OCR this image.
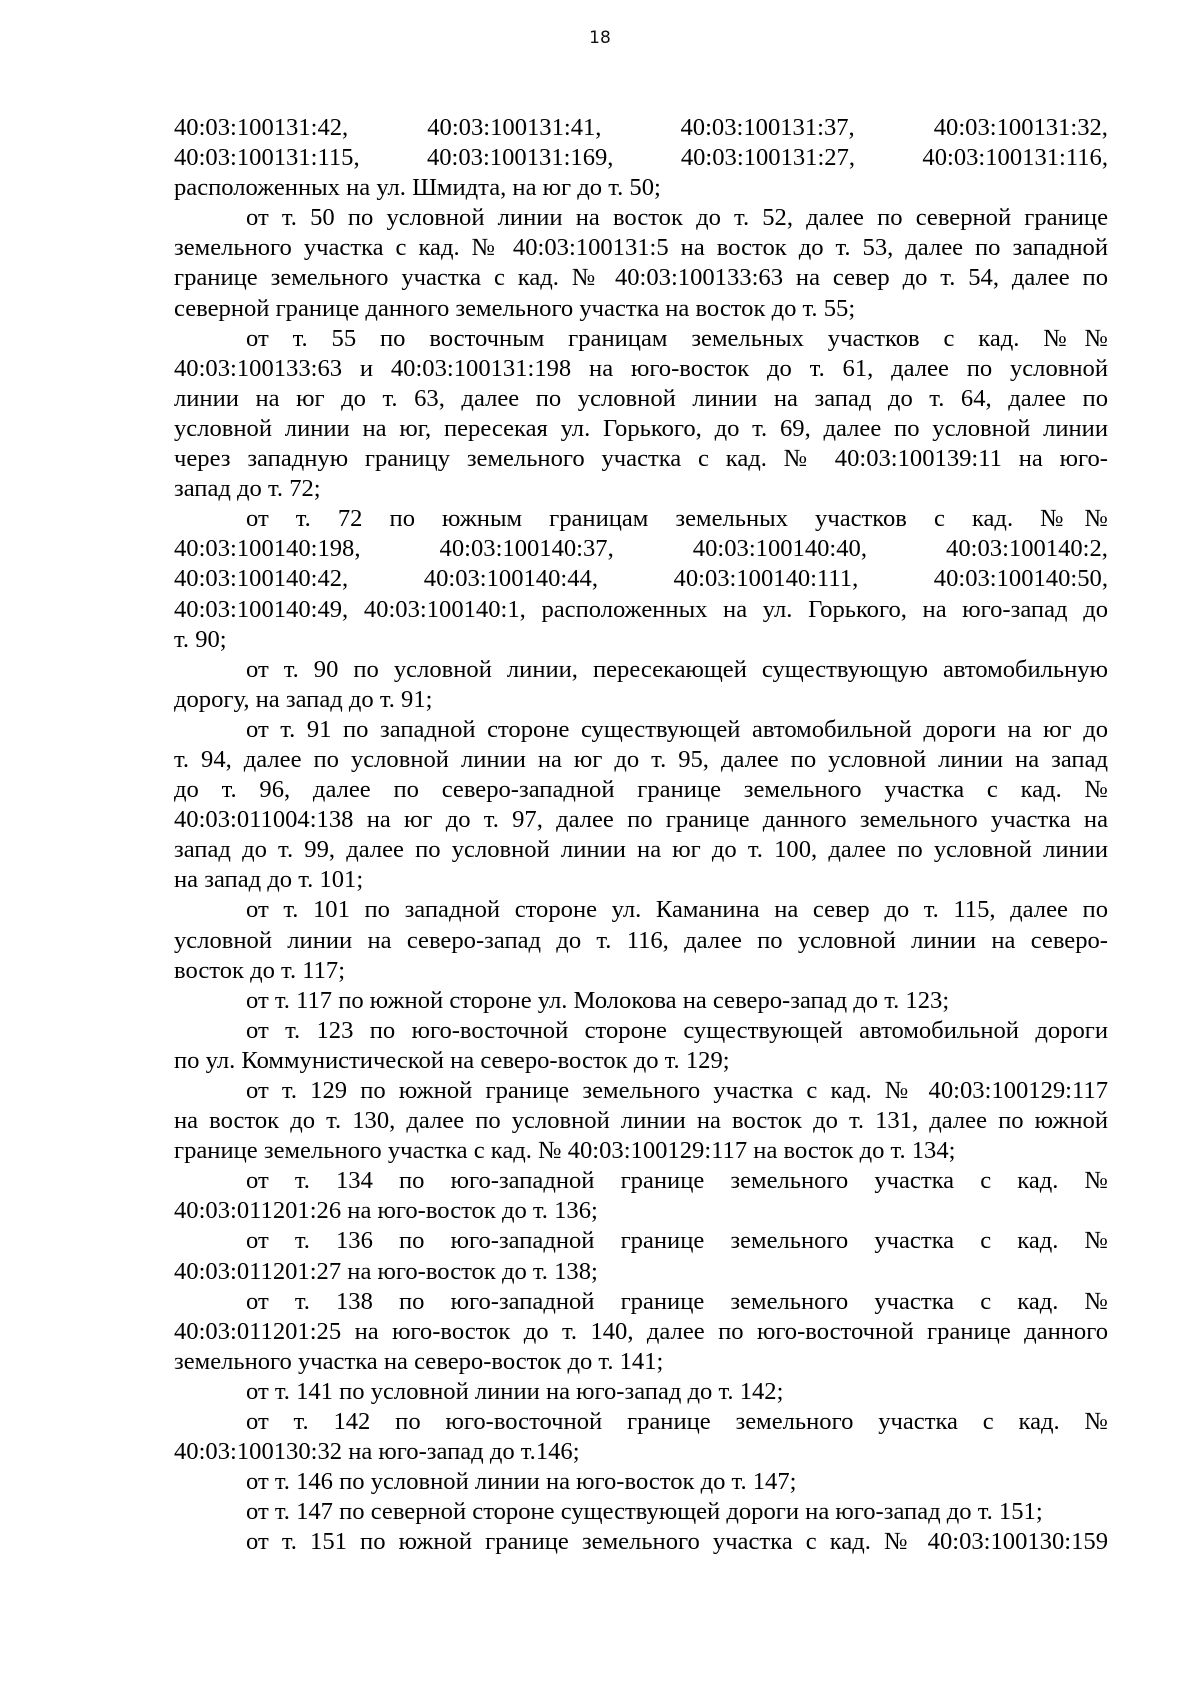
18
40:03:100131:42,	40:03:100131:41,	40:03:100131:37,	40:03:100131:32,
40:03:100131:115,	40:03:100131:169,	40:03:100131:27,	40:03:100131:116,
расположенных на ул. Шмидта, на юг до т. 50;
от т. 50 по условной линии на восток до т. 52, далее по северной границе
земельного участка с кад. № 40:03:100131:5 на восток до т. 53, далее по западной
границе земельного участка с кад. № 40:03:100133:63 на север до т. 54, далее по
северной границе данного земельного участка на восток до т. 55;
от т. 55 по восточным границам земельных участков с кад. №№
40:03:100133:63 и 40:03:100131:198 на юго-восток до т. 61, далее по условной
линии на юг до т. 63, далее по условной линии на запад до т. 64, далее по
условной линии на юг, пересекая ул. Горького, до т. 69, далее по условной линии
через западную границу земельного участка с кад. № 40:03:100139:11 на юго-
запад до т. 72;
от т. 72 по южным границам земельных участков с кад. №№
40:03:100140:198,	40:03:100140:37,	40:03:100140:40,	40:03:100140:2,
40:03:100140:42,	40:03:100140:44,	40:03:100140:111,	40:03:100140:50,
40:03:100140:49, 40:03:100140:1, расположенных на ул. Горького, на юго-запад до
т. 90;
от т. 90 по условной линии, пересекающей существующую автомобильную
дорогу, на запад до т. 91;
от т. 91 по западной стороне существующей автомобильной дороги на юг до
т. 94, далее по условной линии на юг до т. 95, далее по условной линии на запад
до т. 96, далее по северо-западной границе земельного участка с кад. №
40:03:011004:138 на юг до т. 97, далее по границе данного земельного участка на
запад до т. 99, далее по условной линии на юг до т. 100, далее по условной линии
на запад до т. 101;
от т. 101 по западной стороне ул. Каманина на север до т. 115, далее по
условной линии на северо-запад до т. 116, далее по условной линии на северо-
восток до т. 117;
от т. 117 по южной стороне ул. Молокова на северо-запад до т. 123;
от т. 123 по юго-восточной стороне существующей автомобильной дороги
по ул. Коммунистической на северо-восток до т. 129;
от т. 129 по южной границе земельного участка с кад. № 40:03:100129:117
на восток до т. 130, далее по условной линии на восток до т. 131, далее по южной
границе земельного участка с кад. № 40:03:100129:117 на восток до т. 134;
от т. 134 по юго-западной границе земельного участка с кад. №
40:03:011201:26 на юго-восток до т. 136;
от т. 136 по юго-западной границе земельного участка с кад. №
40:03:011201:27 на юго-восток до т. 138;
от т. 138 по юго-западной границе земельного участка с кад. №
40:03:011201:25 на юго-восток до т. 140, далее по юго-восточной границе данного
земельного участка на северо-восток до т. 141;
от т. 141 по условной линии на юго-запад до т. 142;
от т. 142 по юго-восточной границе земельного участка с кад. №
40:03:100130:32 на юго-запад до т.146;
от т. 146 по условной линии на юго-восток до т. 147;
от т. 147 по северной стороне существующей дороги на юго-запад до т. 151;
от т. 151 по южной границе земельного участка с кад. № 40:03:100130:159
